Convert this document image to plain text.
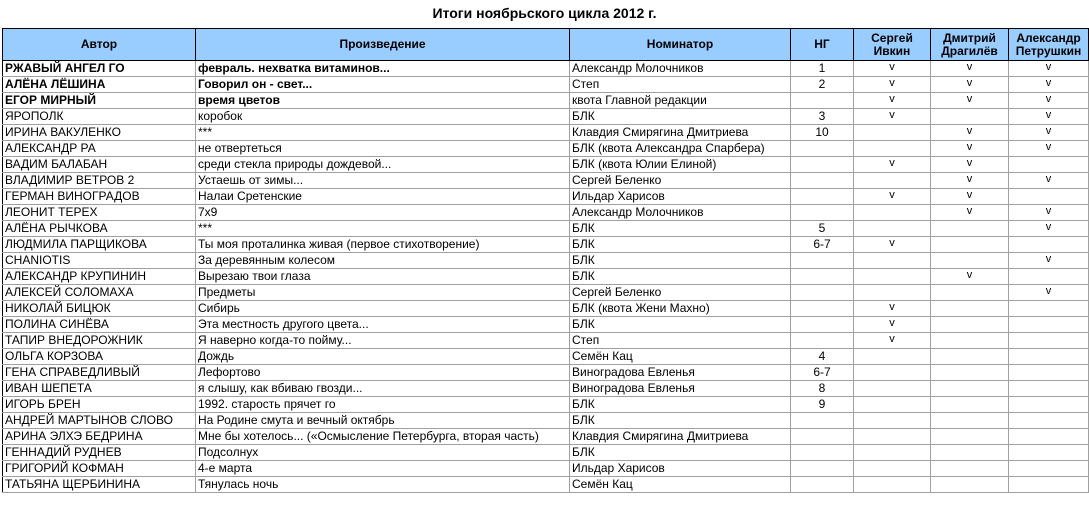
Итоги ноябрьского цикла 2012 г.
Автор	Произведение	Номинатор	НГ	Сергей Ивкин	Дмитрий Драгилёв	Александр Петрушкин
РЖАВЫЙ АНГЕЛ ГО	февраль. нехватка витаминов...	Александр Молочников	1	v	v	v
АЛЁНА ЛЁШИНА	Говорил он - свет...	Степ	2	v	v	v
ЕГОР МИРНЫЙ	время цветов	квота Главной редакции		v	v	v
ЯРОПОЛК	коробок	БЛК	3	v		v
ИРИНА ВАКУЛЕНКО	***	Клавдия Смирягина Дмитриева	10		v	v
АЛЕКСАНДР РА	не отвертеться	БЛК (квота Александра Спарбера)			v	v
ВАДИМ БАЛАБАН	среди стекла природы дождевой...	БЛК (квота Юлии Елиной)		v	v	
ВЛАДИМИР ВЕТРОВ 2	Устаешь от зимы...	Сергей Беленко			v	v
ГЕРМАН ВИНОГРАДОВ	Налаи Сретенские	Ильдар Харисов		v	v	
ЛЕОНИТ ТЕРЕХ	7x9	Александр Молочников			v	v
АЛЁНА РЫЧКОВА	***	БЛК	5			v
ЛЮДМИЛА ПАРЩИКОВА	Ты моя проталинка живая (первое стихотворение)	БЛК	6-7	v		
CHANIOTIS	За деревянным колесом	БЛК				v
АЛЕКСАНДР КРУПИНИН	Вырезаю твои глаза	БЛК			v	
АЛЕКСЕЙ СОЛОМАХА	Предметы	Сергей Беленко				v
НИКОЛАЙ БИЦЮК	Сибирь	БЛК (квота Жени Махно)		v		
ПОЛИНА СИНЁВА	Эта местность другого цвета...	БЛК		v		
ТАПИР ВНЕДОРОЖНИК	Я наверно когда-то пойму...	Степ		v		
ОЛЬГА КОРЗОВА	Дождь	Семён Кац	4			
ГЕНА СПРАВЕДЛИВЫЙ	Лефортово	Виноградова Евленья	6-7			
ИВАН ШЕПЕТА	я слышу, как вбиваю гвозди...	Виноградова Евленья	8			
ИГОРЬ БРЕН	1992. старость прячет го	БЛК	9			
АНДРЕЙ МАРТЫНОВ СЛОВО	На Родине смута и вечный октябрь	БЛК				
АРИНА ЭЛХЭ БЕДРИНА	Мне бы хотелось... («Осмысление Петербурга, вторая часть)	Клавдия Смирягина Дмитриева				
ГЕННАДИЙ РУДНЕВ	Подсолнух	БЛК				
ГРИГОРИЙ КОФМАН	4-е марта	Ильдар Харисов				
ТАТЬЯНА ЩЕРБИНИНА	Тянулась ночь	Семён Кац				
